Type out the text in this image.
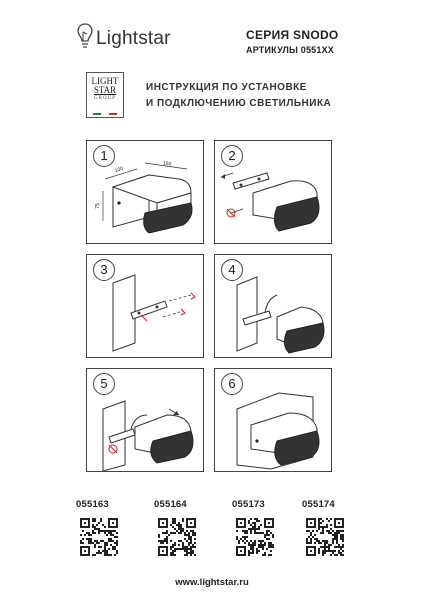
Lightstar	СЕРИЯ SNODO
АРТИКУЛЫ 0551ХХ
LIGHT
STAR
GROUP
ИНСТРУКЦИЯ ПО УСТАНОВКЕ
И ПОДКЛЮЧЕНИЮ СВЕТИЛЬНИКА
1
100
150
75
2
3	4
5	6
055163	055164	055173	055174
www.lightstar.ru
